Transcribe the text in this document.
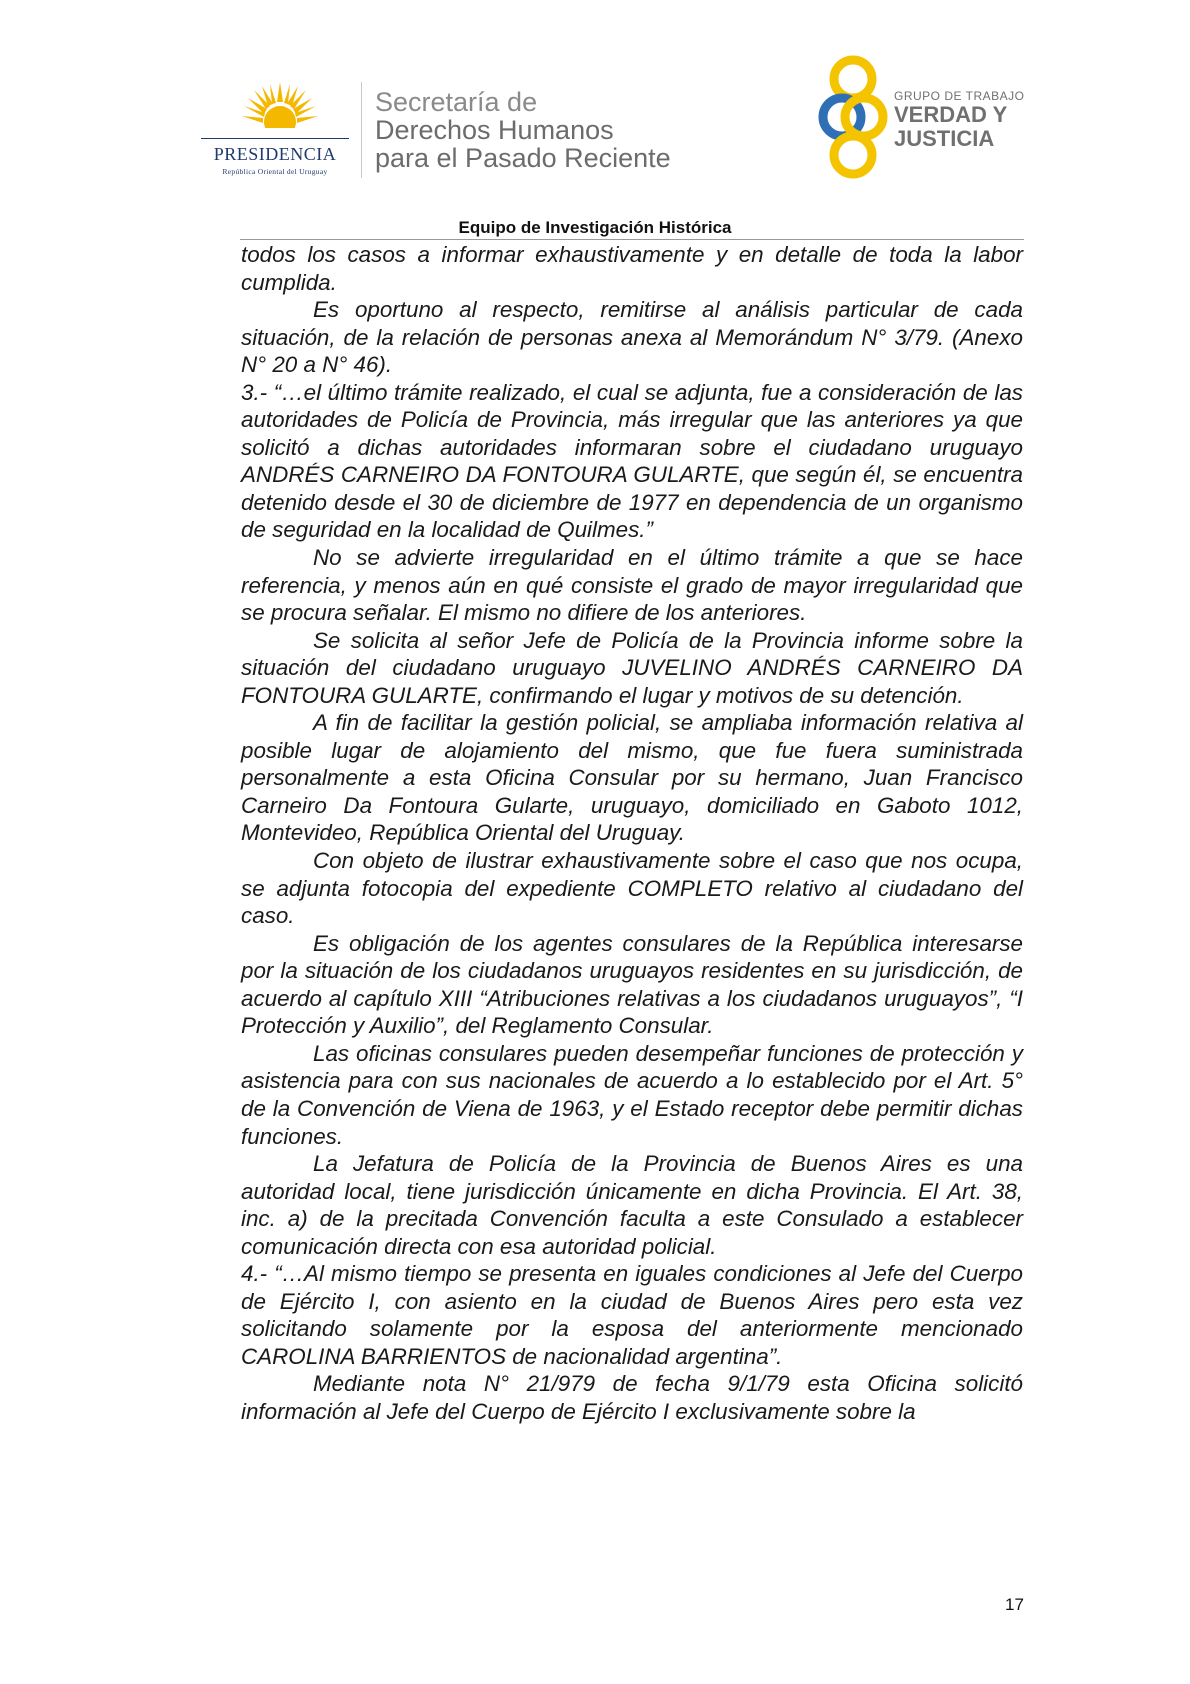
PRESIDENCIA
República Oriental del Uruguay
Secretaría de
Derechos Humanos
para el Pasado Reciente
GRUPO DE TRABAJO
VERDAD Y
JUSTICIA
Equipo de Investigación Histórica

todos los casos a informar exhaustivamente y en detalle de toda la labor cumplida.

Es oportuno al respecto, remitirse al análisis particular de cada situación, de la relación de personas anexa al Memorándum N° 3/79. (Anexo N° 20 a N° 46).

3.- “…el último trámite realizado, el cual se adjunta, fue a consideración de las autoridades de Policía de Provincia, más irregular que las anteriores ya que solicitó a dichas autoridades informaran sobre el ciudadano uruguayo ANDRÉS CARNEIRO DA FONTOURA GULARTE, que según él, se encuentra detenido desde el 30 de diciembre de 1977 en dependencia de un organismo de seguridad en la localidad de Quilmes.”

No se advierte irregularidad en el último trámite a que se hace referencia, y menos aún en qué consiste el grado de mayor irregularidad que se procura señalar. El mismo no difiere de los anteriores.

Se solicita al señor Jefe de Policía de la Provincia informe sobre la situación del ciudadano uruguayo JUVELINO ANDRÉS CARNEIRO DA FONTOURA GULARTE, confirmando el lugar y motivos de su detención.

A fin de facilitar la gestión policial, se ampliaba información relativa al posible lugar de alojamiento del mismo, que fue fuera suministrada personalmente a esta Oficina Consular por su hermano, Juan Francisco Carneiro Da Fontoura Gularte, uruguayo, domiciliado en Gaboto 1012, Montevideo, República Oriental del Uruguay.

Con objeto de ilustrar exhaustivamente sobre el caso que nos ocupa, se adjunta fotocopia del expediente COMPLETO relativo al ciudadano del caso.

Es obligación de los agentes consulares de la República interesarse por la situación de los ciudadanos uruguayos residentes en su jurisdicción, de acuerdo al capítulo XIII “Atribuciones relativas a los ciudadanos uruguayos”, “I Protección y Auxilio”, del Reglamento Consular.

Las oficinas consulares pueden desempeñar funciones de protección y asistencia para con sus nacionales de acuerdo a lo establecido por el Art. 5° de la Convención de Viena de 1963, y el Estado receptor debe permitir dichas funciones.

La Jefatura de Policía de la Provincia de Buenos Aires es una autoridad local, tiene jurisdicción únicamente en dicha Provincia. El Art. 38, inc. a) de la precitada Convención faculta a este Consulado a establecer comunicación directa con esa autoridad policial.

4.- “…Al mismo tiempo se presenta en iguales condiciones al Jefe del Cuerpo de Ejército I, con asiento en la ciudad de Buenos Aires pero esta vez solicitando solamente por la esposa del anteriormente mencionado CAROLINA BARRIENTOS de nacionalidad argentina”.

Mediante nota N° 21/979 de fecha 9/1/79 esta Oficina solicitó información al Jefe del Cuerpo de Ejército I exclusivamente sobre la

17
